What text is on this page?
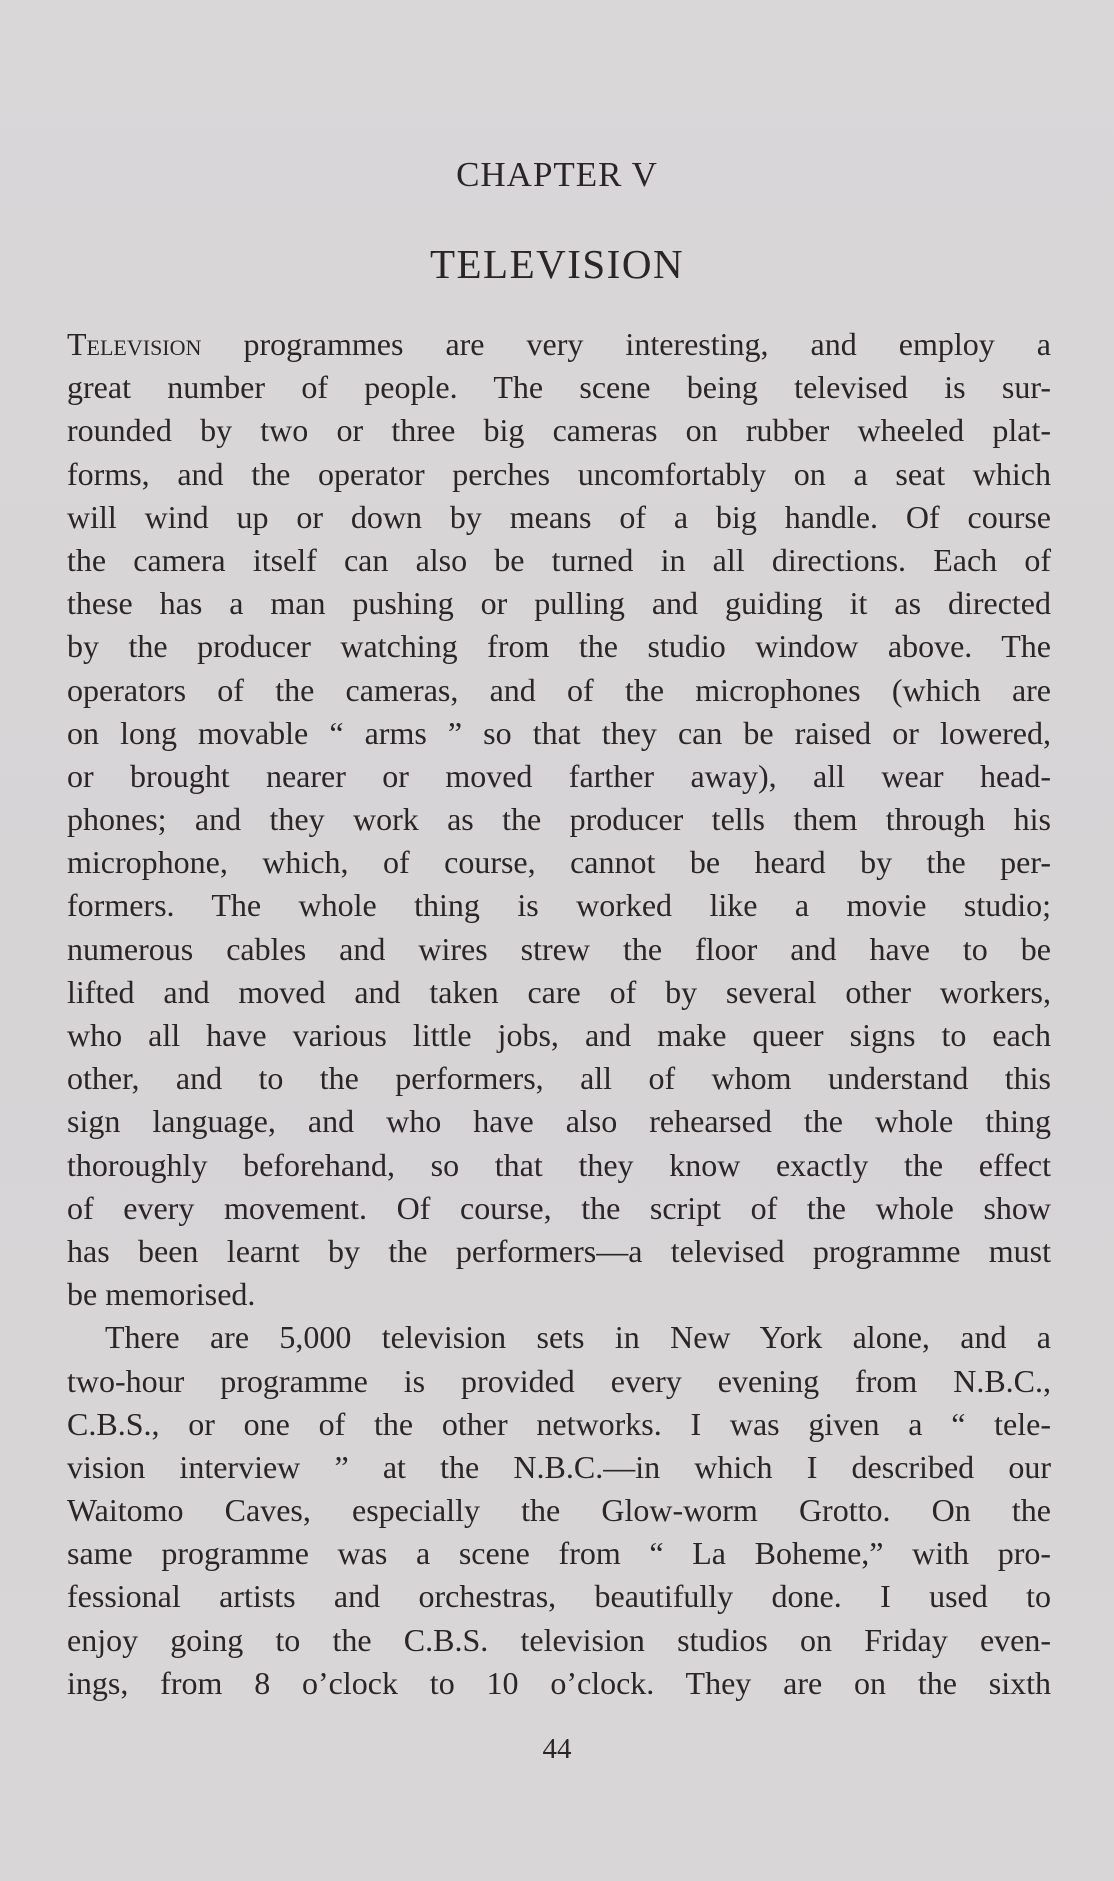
CHAPTER V
TELEVISION
Television programmes are very interesting, and employ a
great number of people. The scene being televised is sur-
rounded by two or three big cameras on rubber wheeled plat-
forms, and the operator perches uncomfortably on a seat which
will wind up or down by means of a big handle. Of course
the camera itself can also be turned in all directions. Each of
these has a man pushing or pulling and guiding it as directed
by the producer watching from the studio window above. The
operators of the cameras, and of the microphones (which are
on long movable “ arms ” so that they can be raised or lowered,
or brought nearer or moved farther away), all wear head-
phones; and they work as the producer tells them through his
microphone, which, of course, cannot be heard by the per-
formers. The whole thing is worked like a movie studio;
numerous cables and wires strew the floor and have to be
lifted and moved and taken care of by several other workers,
who all have various little jobs, and make queer signs to each
other, and to the performers, all of whom understand this
sign language, and who have also rehearsed the whole thing
thoroughly beforehand, so that they know exactly the effect
of every movement. Of course, the script of the whole show
has been learnt by the performers—a televised programme must
be memorised.
There are 5,000 television sets in New York alone, and a
two-hour programme is provided every evening from N.B.C.,
C.B.S., or one of the other networks. I was given a “ tele-
vision interview ” at the N.B.C.—in which I described our
Waitomo Caves, especially the Glow-worm Grotto. On the
same programme was a scene from “ La Boheme,” with pro-
fessional artists and orchestras, beautifully done. I used to
enjoy going to the C.B.S. television studios on Friday even-
ings, from 8 o’clock to 10 o’clock. They are on the sixth
44
